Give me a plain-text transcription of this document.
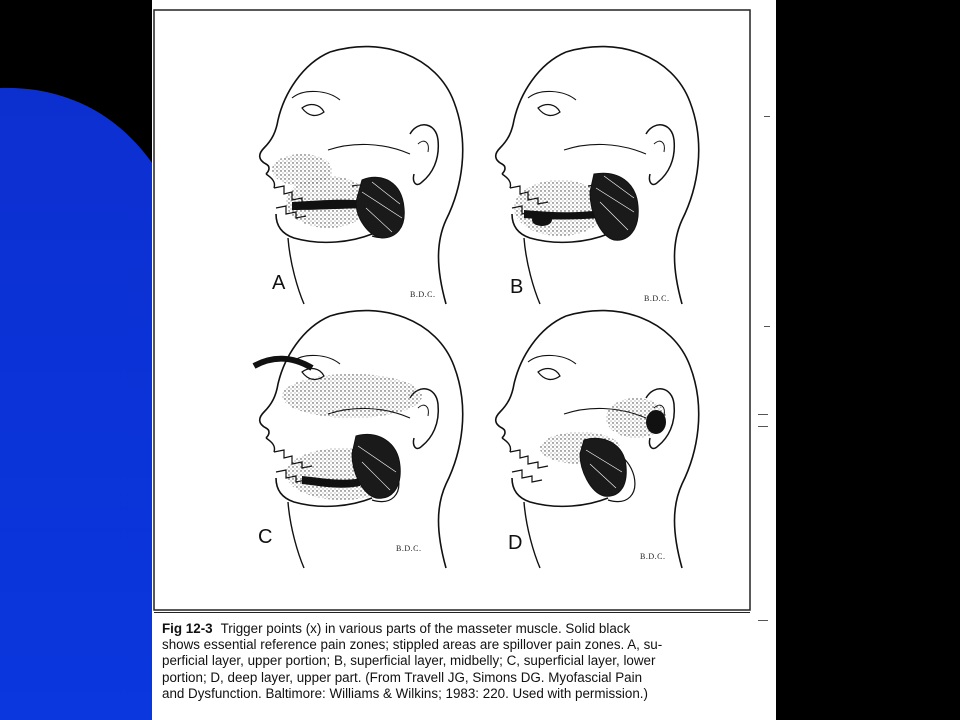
A	B
C	D
B.D.C.	B.D.C.
B.D.C.
B.D.C.
Fig 12-3 Trigger points (x) in various parts of the masseter muscle. Solid black
shows essential reference pain zones; stippled areas are spillover pain zones. A, su-
perficial layer, upper portion; B, superficial layer, midbelly; C, superficial layer, lower
portion; D, deep layer, upper part. (From Travell JG, Simons DG. Myofascial Pain
and Dysfunction. Baltimore: Williams & Wilkins; 1983: 220. Used with permission.)
